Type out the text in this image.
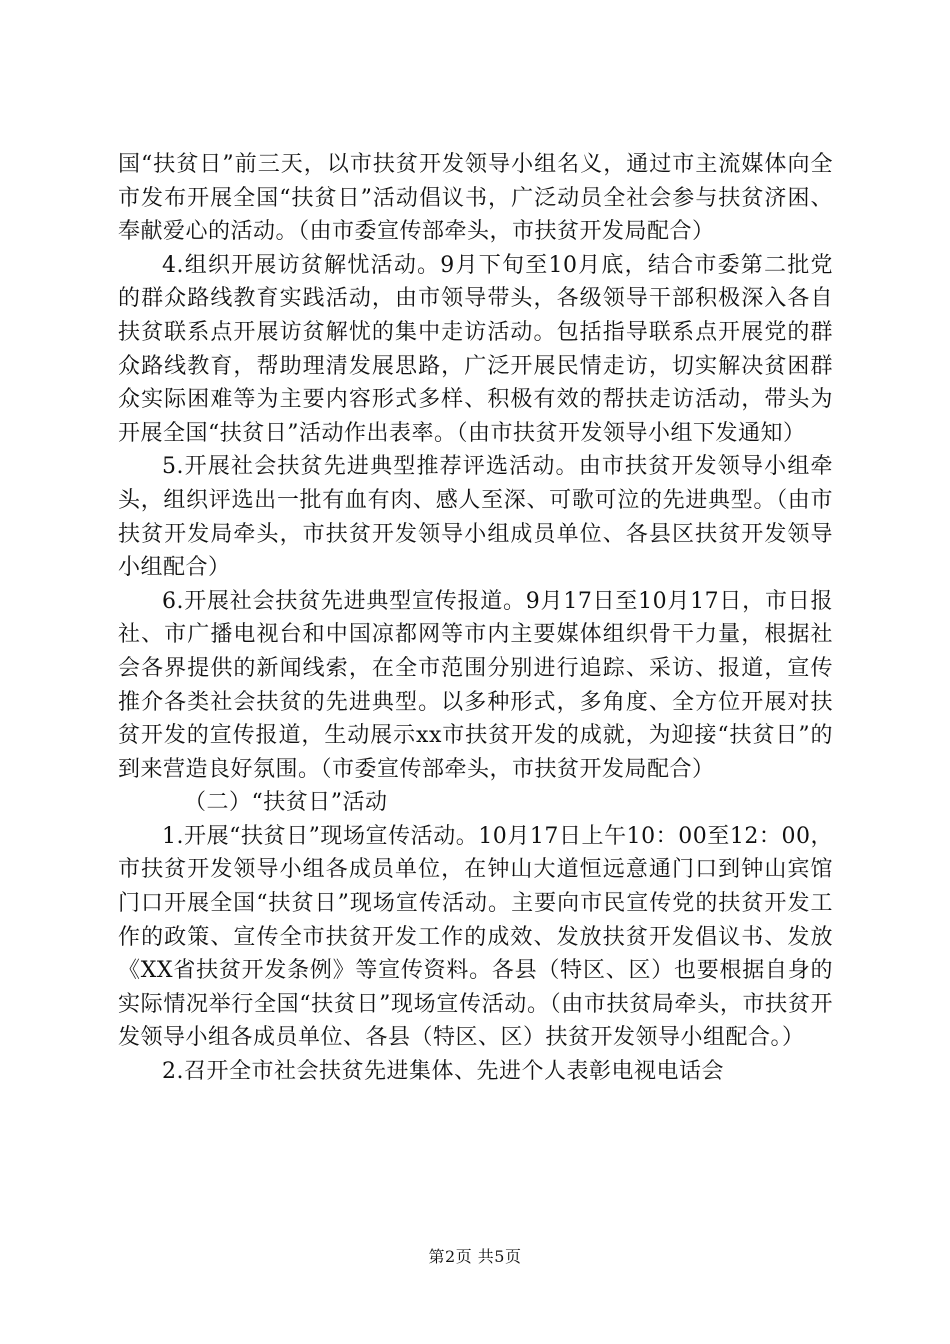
国“扶贫日”前三天，以市扶贫开发领导小组名义，通过市主流媒体向全市发布开展全国“扶贫日”活动倡议书，广泛动员全社会参与扶贫济困、奉献爱心的活动。（由市委宣传部牵头，市扶贫开发局配合）

4.组织开展访贫解忧活动。9月下旬至10月底，结合市委第二批党的群众路线教育实践活动，由市领导带头，各级领导干部积极深入各自扶贫联系点开展访贫解忧的集中走访活动。包括指导联系点开展党的群众路线教育，帮助理清发展思路，广泛开展民情走访，切实解决贫困群众实际困难等为主要内容形式多样、积极有效的帮扶走访活动，带头为开展全国“扶贫日”活动作出表率。（由市扶贫开发领导小组下发通知）

5.开展社会扶贫先进典型推荐评选活动。由市扶贫开发领导小组牵头，组织评选出一批有血有肉、感人至深、可歌可泣的先进典型。（由市扶贫开发局牵头，市扶贫开发领导小组成员单位、各县区扶贫开发领导小组配合）

6.开展社会扶贫先进典型宣传报道。9月17日至10月17日，市日报社、市广播电视台和中国凉都网等市内主要媒体组织骨干力量，根据社会各界提供的新闻线索，在全市范围分别进行追踪、采访、报道，宣传推介各类社会扶贫的先进典型。以多种形式，多角度、全方位开展对扶贫开发的宣传报道，生动展示xx市扶贫开发的成就，为迎接“扶贫日”的到来营造良好氛围。（市委宣传部牵头，市扶贫开发局配合）

（二）“扶贫日”活动

1.开展“扶贫日”现场宣传活动。10月17日上午10：00至12：00，市扶贫开发领导小组各成员单位，在钟山大道恒远意通门口到钟山宾馆门口开展全国“扶贫日”现场宣传活动。主要向市民宣传党的扶贫开发工作的政策、宣传全市扶贫开发工作的成效、发放扶贫开发倡议书、发放《XX省扶贫开发条例》等宣传资料。各县（特区、区）也要根据自身的实际情况举行全国“扶贫日”现场宣传活动。（由市扶贫局牵头，市扶贫开发领导小组各成员单位、各县（特区、区）扶贫开发领导小组配合。）

2.召开全市社会扶贫先进集体、先进个人表彰电视电话会

第2页 共5页
